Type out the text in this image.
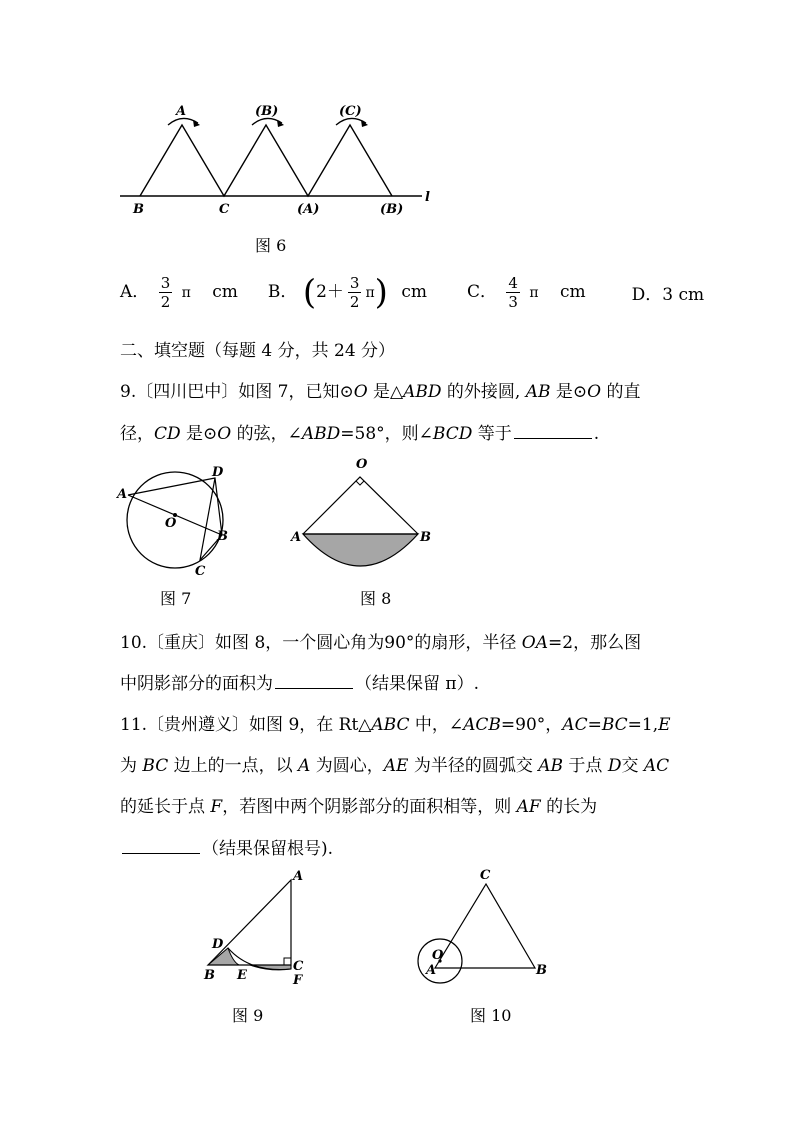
A	(B)	(C)
B	C	(A)	(B)
l
图 6
A． $\frac{3}{2}$ π cm B． $(2+ \frac{3}{2} \pi)$ cm C． $\frac{4}{3}$ π cm	D．3 cm
二、填空题（每题 4 分，共 24 分）
9.〔四川巴中〕如图 7，已知⊙O 是△ABD 的外接圆, AB 是⊙O 的直
径，CD 是⊙O 的弦，∠ABD=58°，则∠BCD 等于	.
A
D
O
B
C
图 7
O
A	B
图 8
10.〔重庆〕如图 8，一个圆心角为90°的扇形，半径 OA=2，那么图
中阴影部分的面积为	（结果保留 π）.
11.〔贵州遵义〕如图 9，在 Rt△ABC 中，∠ACB=90°，AC=BC=1,E
为 BC 边上的一点，以 A 为圆心，AE 为半径的圆弧交 AB 于点 D交 AC
的延长于点 F，若图中两个阴影部分的面积相等，则 AF 的长为
（结果保留根号).
A
D
B E
C
F
图 9
C
O
A	B
图 10
